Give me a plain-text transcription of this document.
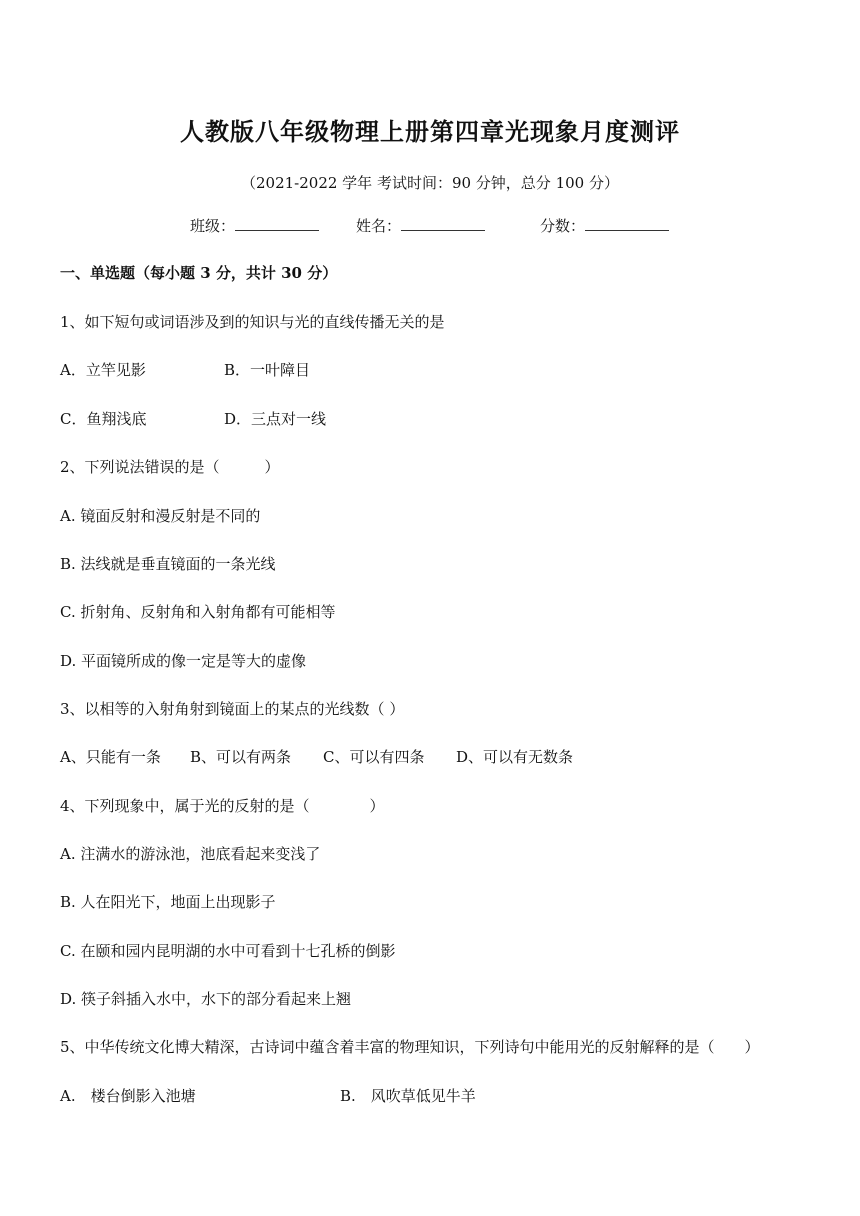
人教版八年级物理上册第四章光现象月度测评
（2021-2022 学年 考试时间：90 分钟，总分 100 分）
班级：	姓名：	分数：
一、单选题（每小题 3 分，共计 30 分）
1、如下短句或词语涉及到的知识与光的直线传播无关的是
A．立竿见影	B．一叶障目
C．鱼翔浅底	D．三点对一线
2、下列说法错误的是（　　　）
A. 镜面反射和漫反射是不同的
B. 法线就是垂直镜面的一条光线
C. 折射角、反射角和入射角都有可能相等
D. 平面镜所成的像一定是等大的虚像
3、以相等的入射角射到镜面上的某点的光线数（ ）
A、只能有一条 B、可以有两条 C、可以有四条 D、可以有无数条
4、下列现象中，属于光的反射的是（　　　　）
A. 注满水的游泳池，池底看起来变浅了
B. 人在阳光下，地面上出现影子
C. 在颐和园内昆明湖的水中可看到十七孔桥的倒影
D. 筷子斜插入水中，水下的部分看起来上翘
5、中华传统文化博大精深，古诗词中蕴含着丰富的物理知识，下列诗句中能用光的反射解释的是（　　）
A.　楼台倒影入池塘	B.　风吹草低见牛羊
